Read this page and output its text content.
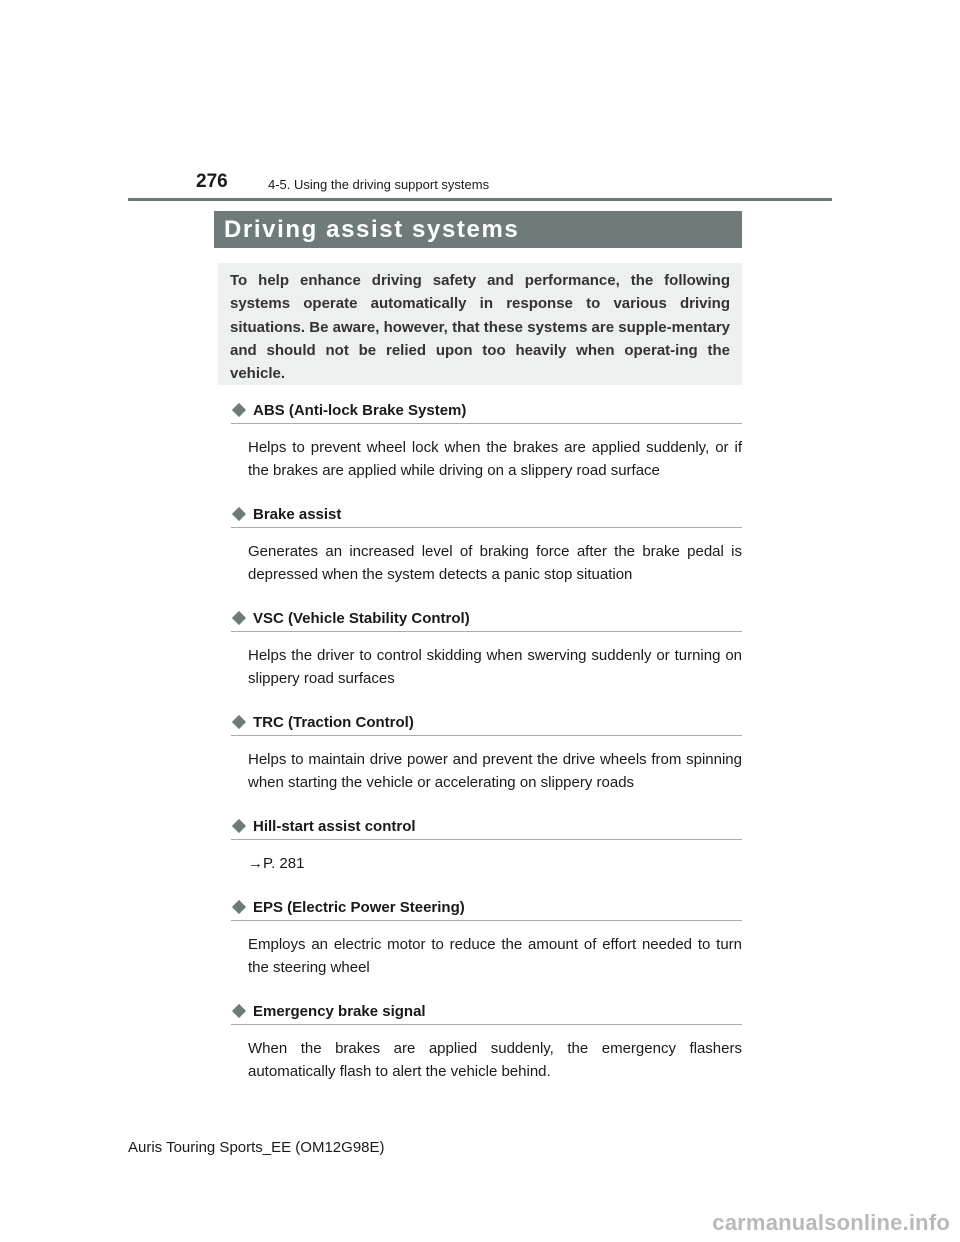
276	4-5. Using the driving support systems
Driving assist systems

To help enhance driving safety and performance, the following systems operate automatically in response to various driving situations. Be aware, however, that these systems are supple-mentary and should not be relied upon too heavily when operat-ing the vehicle.

ABS (Anti-lock Brake System)

Helps to prevent wheel lock when the brakes are applied suddenly, or if the brakes are applied while driving on a slippery road surface

Brake assist

Generates an increased level of braking force after the brake pedal is depressed when the system detects a panic stop situation

VSC (Vehicle Stability Control)

Helps the driver to control skidding when swerving suddenly or turning on slippery road surfaces

TRC (Traction Control)

Helps to maintain drive power and prevent the drive wheels from spinning when starting the vehicle or accelerating on slippery roads

Hill-start assist control

→P. 281

EPS (Electric Power Steering)

Employs an electric motor to reduce the amount of effort needed to turn the steering wheel

Emergency brake signal

When the brakes are applied suddenly, the emergency flashers automatically flash to alert the vehicle behind.

Auris Touring Sports_EE (OM12G98E)
carmanualsonline.info
